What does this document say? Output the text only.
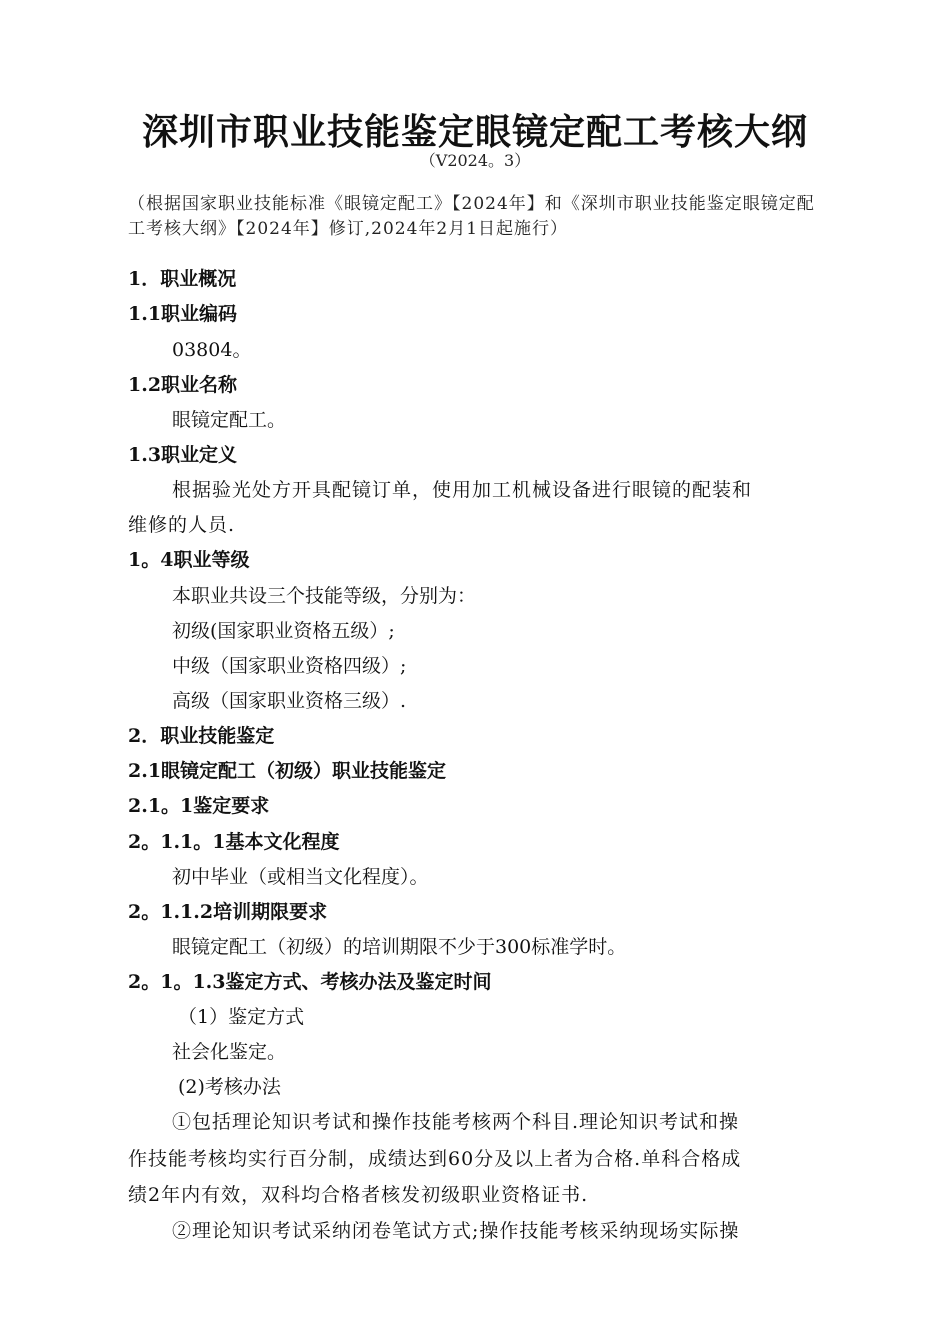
深圳市职业技能鉴定眼镜定配工考核大纲
（V2024。3）
（根据国家职业技能标准《眼镜定配工》【2024年】和《深圳市职业技能鉴定眼镜定配工考核大纲》【2024年】修订,2024年2月1日起施行）
1．职业概况
1.1职业编码
03804。
1.2职业名称
眼镜定配工。
1.3职业定义
根据验光处方开具配镜订单，使用加工机械设备进行眼镜的配装和
维修的人员.
1。4职业等级
本职业共设三个技能等级，分别为：
初级(国家职业资格五级）;
中级（国家职业资格四级）;
高级（国家职业资格三级）.
2．职业技能鉴定
2.1眼镜定配工（初级）职业技能鉴定
2.1。1鉴定要求
2。1.1。1基本文化程度
初中毕业（或相当文化程度）。
2。1.1.2培训期限要求
眼镜定配工（初级）的培训期限不少于300标准学时。
2。1。1.3鉴定方式、考核办法及鉴定时间
（1）鉴定方式
社会化鉴定。
(2)考核办法
①包括理论知识考试和操作技能考核两个科目.理论知识考试和操
作技能考核均实行百分制，成绩达到60分及以上者为合格.单科合格成
绩2年内有效，双科均合格者核发初级职业资格证书.
②理论知识考试采纳闭卷笔试方式;操作技能考核采纳现场实际操
